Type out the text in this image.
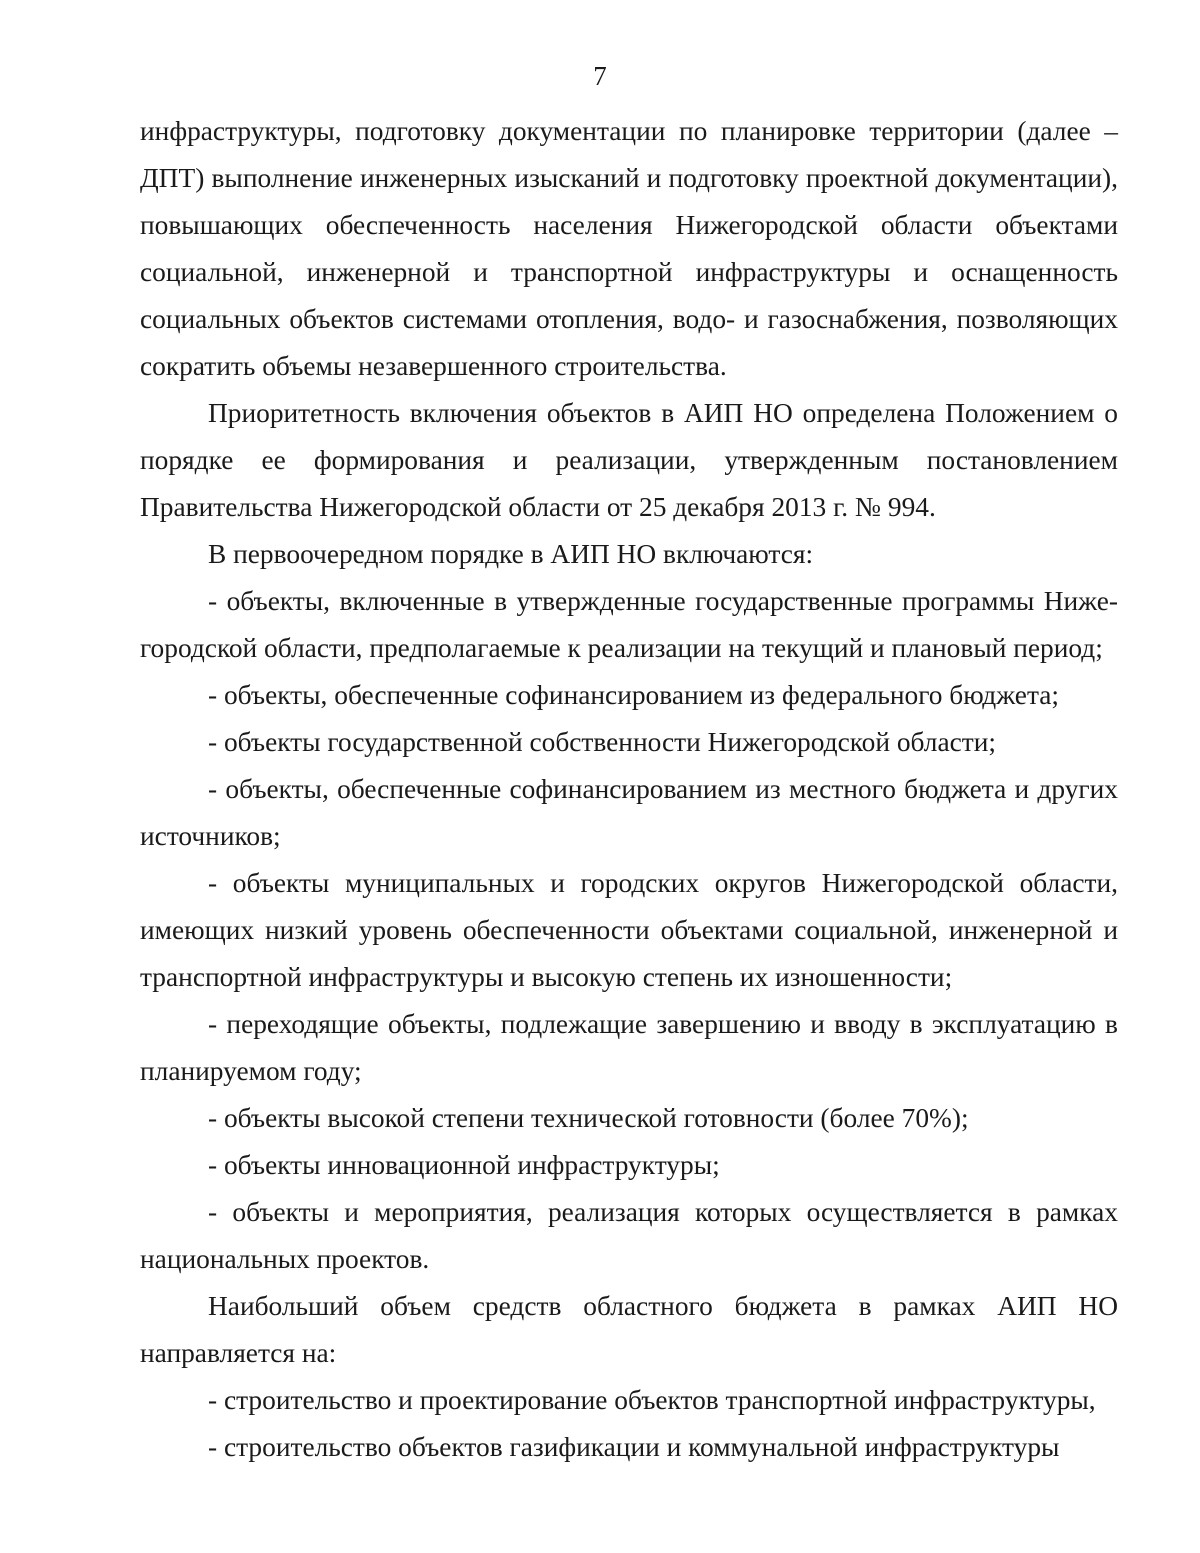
7

инфраструктуры, подготовку документации по планировке территории (далее – ДПТ) выполнение инженерных изысканий и подготовку проектной документации), повышающих обеспеченность населения Нижегородской области объектами социальной, инженерной и транспортной инфраструктуры и оснащенность социальных объектов системами отопления, водо- и газоснабжения, позволяющих сократить объемы незавершенного строительства.

Приоритетность включения объектов в АИП НО определена Положением о порядке ее формирования и реализации, утвержденным постановлением Правительства Нижегородской области от 25 декабря 2013 г. № 994.

В первоочередном порядке в АИП НО включаются:

- объекты, включенные в утвержденные государственные программы Нижегородской области, предполагаемые к реализации на текущий и плановый период;

- объекты, обеспеченные софинансированием из федерального бюджета;

- объекты государственной собственности Нижегородской области;

- объекты, обеспеченные софинансированием из местного бюджета и других источников;

- объекты муниципальных и городских округов Нижегородской области, имеющих низкий уровень обеспеченности объектами социальной, инженерной и транспортной инфраструктуры и высокую степень их изношенности;

- переходящие объекты, подлежащие завершению и вводу в эксплуатацию в планируемом году;

- объекты высокой степени технической готовности (более 70%);

- объекты инновационной инфраструктуры;

- объекты и мероприятия, реализация которых осуществляется в рамках национальных проектов.

Наибольший объем средств областного бюджета в рамках АИП НО направляется на:

- строительство и проектирование объектов транспортной инфраструктуры,

- строительство объектов газификации и коммунальной инфраструктуры
